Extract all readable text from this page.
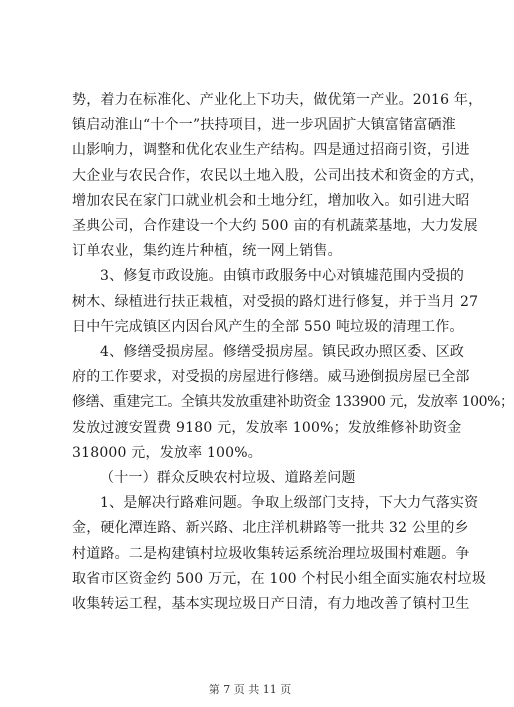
势，着力在标准化、产业化上下功夫，做优第一产业。2016 年，
镇启动淮山“十个一”扶持项目，进一步巩固扩大镇富锗富硒淮
山影响力，调整和优化农业生产结构。四是通过招商引资，引进
大企业与农民合作，农民以土地入股，公司出技术和资金的方式，
增加农民在家门口就业机会和土地分红，增加收入。如引进大昭
圣典公司，合作建设一个大约 500 亩的有机蔬菜基地，大力发展
订单农业，集约连片种植，统一网上销售。
3、修复市政设施。由镇市政服务中心对镇墟范围内受损的
树木、绿植进行扶正栽植，对受损的路灯进行修复，并于当月 27
日中午完成镇区内因台风产生的全部 550 吨垃圾的清理工作。
4、修缮受损房屋。修缮受损房屋。镇民政办照区委、区政
府的工作要求，对受损的房屋进行修缮。威马逊倒损房屋已全部
修缮、重建完工。全镇共发放重建补助资金 133900 元，发放率 100%；
发放过渡安置费 9180 元，发放率 100%；发放维修补助资金
318000 元，发放率 100%。
（十一）群众反映农村垃圾、道路差问题
1、是解决行路难问题。争取上级部门支持，下大力气落实资
金，硬化潭连路、新兴路、北庄洋机耕路等一批共 32 公里的乡
村道路。二是构建镇村垃圾收集转运系统治理垃圾围村难题。争
取省市区资金约 500 万元，在 100 个村民小组全面实施农村垃圾
收集转运工程，基本实现垃圾日产日清，有力地改善了镇村卫生
第 7 页 共 11 页
